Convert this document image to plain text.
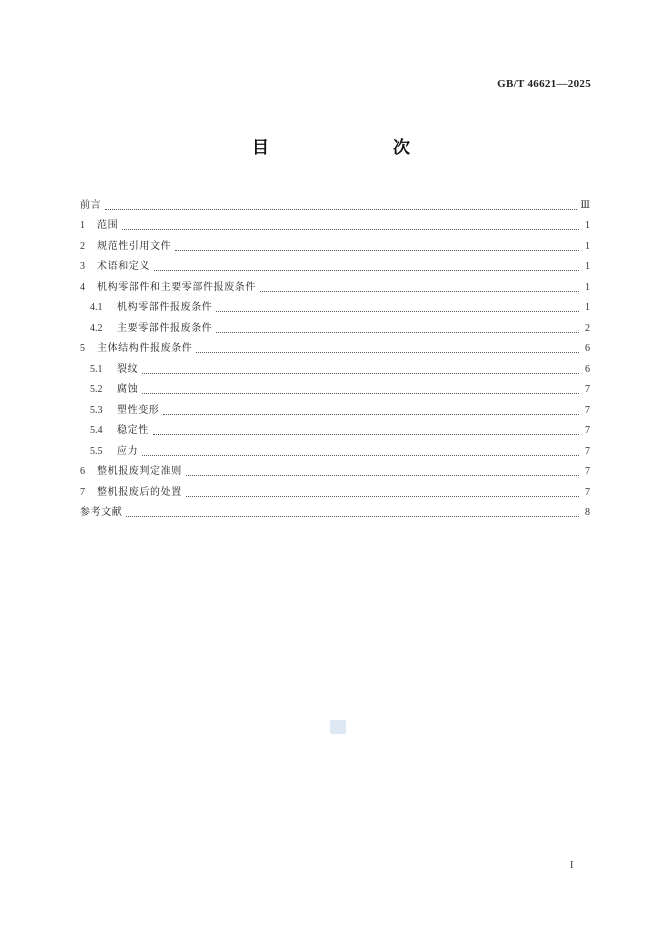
GB/T 46621—2025
目　　次
前言	Ⅲ
1	范围	1
2	规范性引用文件	1
3	术语和定义	1
4	机构零部件和主要零部件报废条件	1
4.1	机构零部件报废条件	1
4.2	主要零部件报废条件	2
5	主体结构件报废条件	6
5.1	裂纹	6
5.2	腐蚀	7
5.3	塑性变形	7
5.4	稳定性	7
5.5	应力	7
6	整机报废判定准则	7
7	整机报废后的处置	7
参考文献	8
I
